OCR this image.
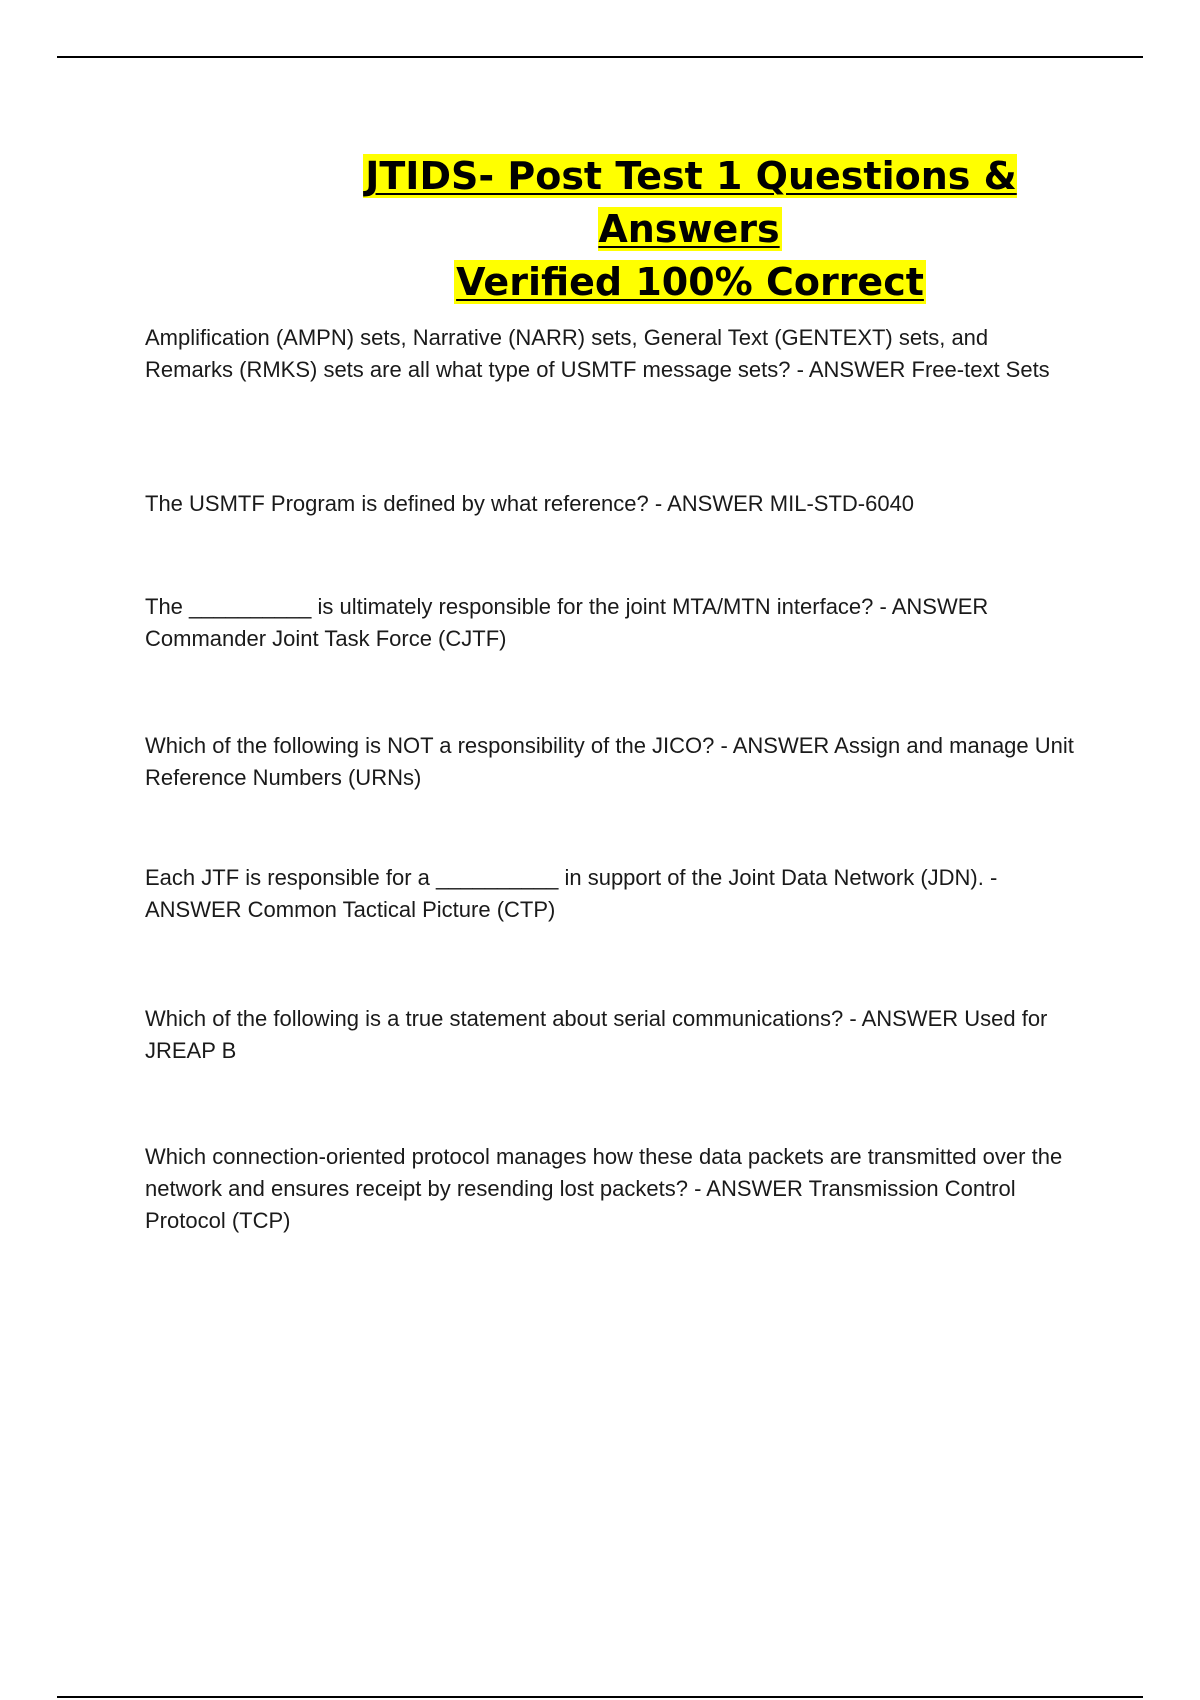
JTIDS- Post Test 1 Questions & Answers
Verified 100% Correct
Amplification (AMPN) sets, Narrative (NARR) sets, General Text (GENTEXT) sets, and Remarks (RMKS) sets are all what type of USMTF message sets? - ANSWER Free-text Sets
The USMTF Program is defined by what reference? - ANSWER MIL-STD-6040
The __________ is ultimately responsible for the joint MTA/MTN interface? - ANSWER Commander Joint Task Force (CJTF)
Which of the following is NOT a responsibility of the JICO? - ANSWER Assign and manage Unit Reference Numbers (URNs)
Each JTF is responsible for a __________ in support of the Joint Data Network (JDN). - ANSWER Common Tactical Picture (CTP)
Which of the following is a true statement about serial communications? - ANSWER Used for JREAP B
Which connection-oriented protocol manages how these data packets are transmitted over the network and ensures receipt by resending lost packets? - ANSWER Transmission Control Protocol (TCP)
